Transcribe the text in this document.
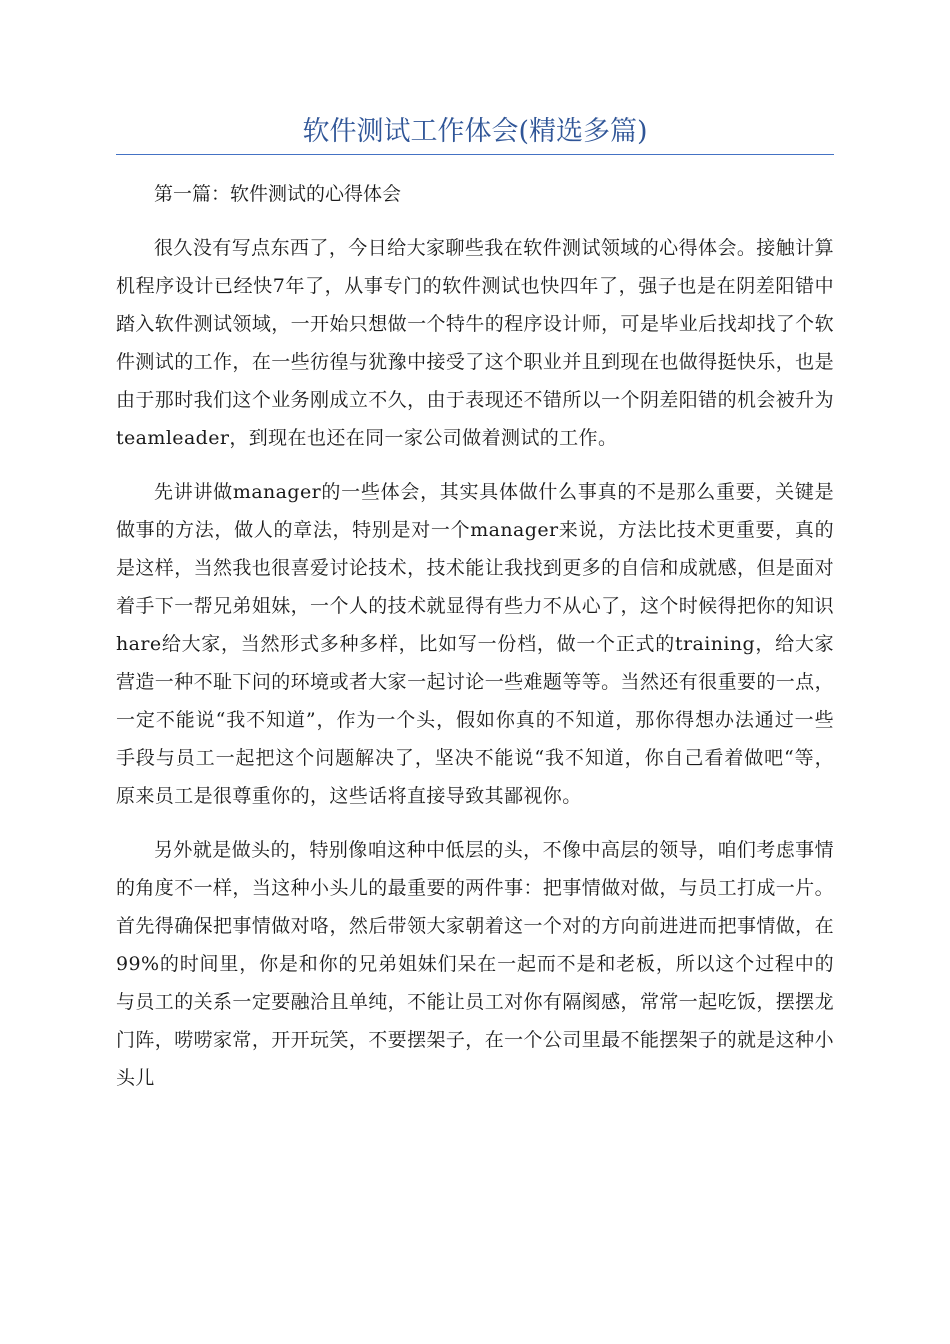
软件测试工作体会(精选多篇)

第一篇：软件测试的心得体会

很久没有写点东西了，今日给大家聊些我在软件测试领域的心得体会。接触计算机程序设计已经快7年了，从事专门的软件测试也快四年了，强子也是在阴差阳错中踏入软件测试领域，一开始只想做一个特牛的程序设计师，可是毕业后找却找了个软件测试的工作，在一些彷徨与犹豫中接受了这个职业并且到现在也做得挺快乐，也是由于那时我们这个业务刚成立不久，由于表现还不错所以一个阴差阳错的机会被升为teamleader，到现在也还在同一家公司做着测试的工作。

先讲讲做manager的一些体会，其实具体做什么事真的不是那么重要，关键是做事的方法，做人的章法，特别是对一个manager来说，方法比技术更重要，真的是这样，当然我也很喜爱讨论技术，技术能让我找到更多的自信和成就感，但是面对着手下一帮兄弟姐妹，一个人的技术就显得有些力不从心了，这个时候得把你的知识hare给大家，当然形式多种多样，比如写一份档，做一个正式的training，给大家营造一种不耻下问的环境或者大家一起讨论一些难题等等。当然还有很重要的一点，一定不能说“我不知道”，作为一个头，假如你真的不知道，那你得想办法通过一些手段与员工一起把这个问题解决了，坚决不能说“我不知道，你自己看着做吧“等，原来员工是很尊重你的，这些话将直接导致其鄙视你。

另外就是做头的，特别像咱这种中低层的头，不像中高层的领导，咱们考虑事情的角度不一样，当这种小头儿的最重要的两件事：把事情做对做，与员工打成一片。首先得确保把事情做对咯，然后带领大家朝着这一个对的方向前进进而把事情做，在99%的时间里，你是和你的兄弟姐妹们呆在一起而不是和老板，所以这个过程中的与员工的关系一定要融洽且单纯，不能让员工对你有隔阂感，常常一起吃饭，摆摆龙门阵，唠唠家常，开开玩笑，不要摆架子，在一个公司里最不能摆架子的就是这种小头儿
